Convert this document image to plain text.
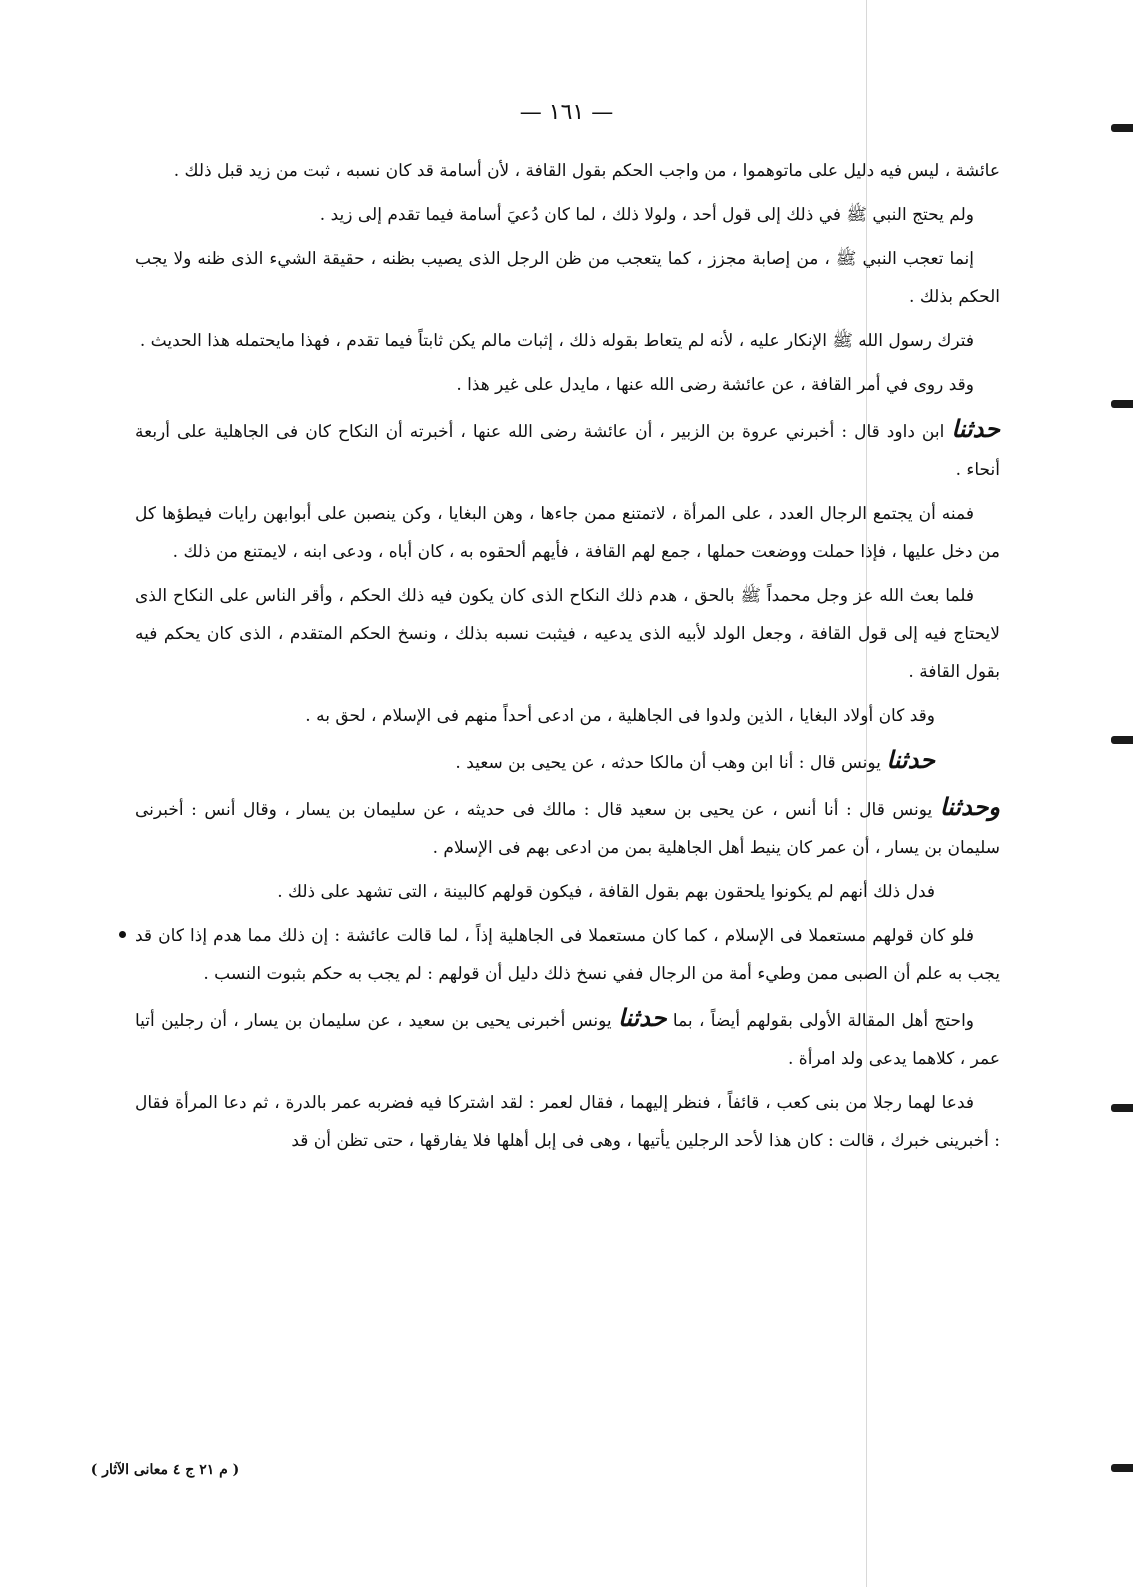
— ١٦١ —

عائشة ، ليس فيه دليل على ماتوهموا ، من واجب الحكم بقول القافة ، لأن أسامة قد كان نسبه ، ثبت من زيد قبل ذلك .

ولم يحتج النبي ﷺ في ذلك إلى قول أحد ، ولولا ذلك ، لما كان دُعيَ أسامة فيما تقدم إلى زيد .

إنما تعجب النبي ﷺ ، من إصابة مجزز ، كما يتعجب من ظن الرجل الذى يصيب بظنه ، حقيقة الشيء الذى ظنه ولا يجب الحكم بذلك .

فترك رسول الله ﷺ الإنكار عليه ، لأنه لم يتعاط بقوله ذلك ، إثبات مالم يكن ثابتاً فيما تقدم ، فهذا مايحتمله هذا الحديث .

وقد روى في أمر القافة ، عن عائشة رضى الله عنها ، مايدل على غير هذا .

حدثنا ابن داود قال : أخبرني عروة بن الزبير ، أن عائشة رضى الله عنها ، أخبرته أن النكاح كان فى الجاهلية على أربعة أنحاء .

فمنه أن يجتمع الرجال العدد ، على المرأة ، لاتمتنع ممن جاءها ، وهن البغايا ، وكن ينصبن على أبوابهن رايات فيطؤها كل من دخل عليها ، فإذا حملت ووضعت حملها ، جمع لهم القافة ، فأيهم ألحقوه به ، كان أباه ، ودعى ابنه ، لايمتنع من ذلك .

فلما بعث الله عز وجل محمداً ﷺ بالحق ، هدم ذلك النكاح الذى كان يكون فيه ذلك الحكم ، وأقر الناس على النكاح الذى لايحتاج فيه إلى قول القافة ، وجعل الولد لأبيه الذى يدعيه ، فيثبت نسبه بذلك ، ونسخ الحكم المتقدم ، الذى كان يحكم فيه بقول القافة .

وقد كان أولاد البغايا ، الذين ولدوا فى الجاهلية ، من ادعى أحداً منهم فى الإسلام ، لحق به .

حدثنا يونس قال : أنا ابن وهب أن مالكا حدثه ، عن يحيى بن سعيد .

وحدثنا يونس قال : أنا أنس ، عن يحيى بن سعيد قال : مالك فى حديثه ، عن سليمان بن يسار ، وقال أنس : أخبرنى سليمان بن يسار ، أن عمر كان ينيط أهل الجاهلية بمن من ادعى بهم فى الإسلام .

فدل ذلك أنهم لم يكونوا يلحقون بهم بقول القافة ، فيكون قولهم كالبينة ، التى تشهد على ذلك .

فلو كان قولهم مستعملا فى الإسلام ، كما كان مستعملا فى الجاهلية إذاً ، لما قالت عائشة : إن ذلك مما هدم إذا كان قد يجب به علم أن الصبى ممن وطيء أمة من الرجال ففي نسخ ذلك دليل أن قولهم : لم يجب به حكم بثبوت النسب .

واحتج أهل المقالة الأولى بقولهم أيضاً ، بما حدثنا يونس أخبرنى يحيى بن سعيد ، عن سليمان بن يسار ، أن رجلين أتيا عمر ، كلاهما يدعى ولد امرأة .

فدعا لهما رجلا من بنى كعب ، قائفاً ، فنظر إليهما ، فقال لعمر : لقد اشتركا فيه فضربه عمر بالدرة ، ثم دعا المرأة فقال : أخبرينى خبرك ، قالت : كان هذا لأحد الرجلين يأتيها ، وهى فى إبل أهلها فلا يفارقها ، حتى تظن أن قد

( م ٢١ ج ٤ معانى الآثار )
